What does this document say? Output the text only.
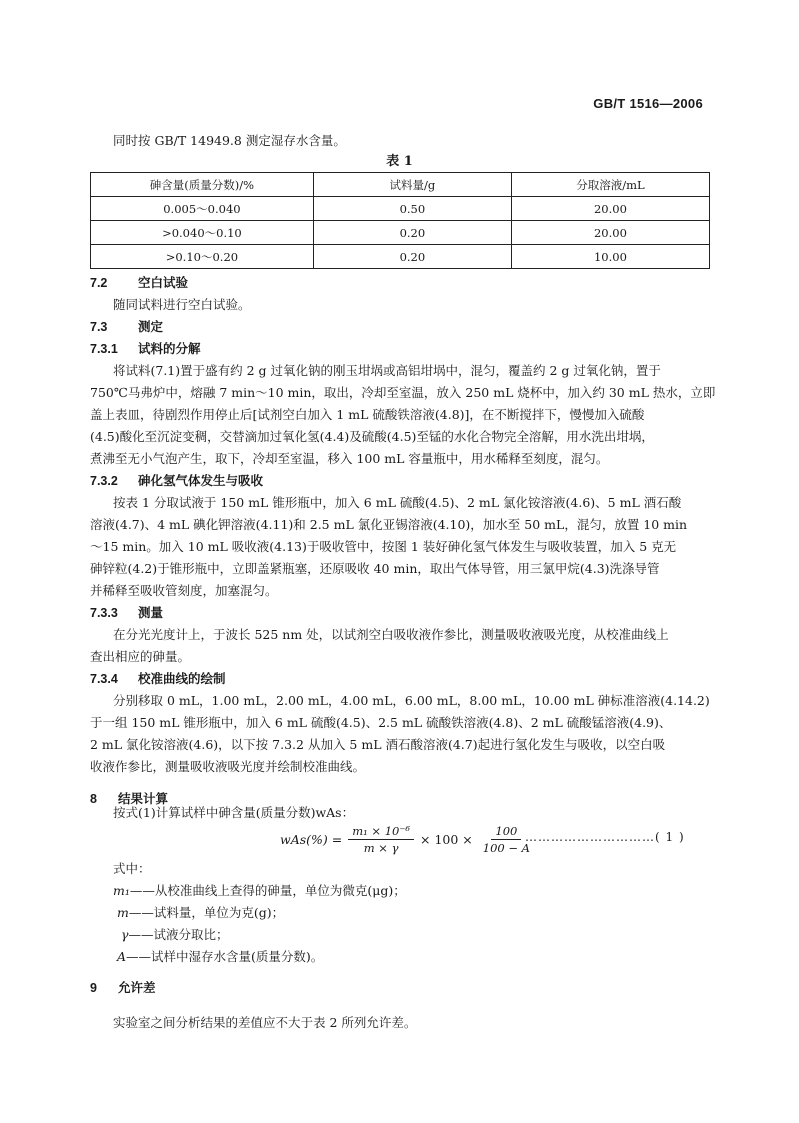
GB/T 1516—2006
同时按 GB/T 14949.8 测定湿存水含量。
表 1
砷含量(质量分数)/%	试料量/g	分取溶液/mL
0.005～0.040	0.50	20.00
>0.040～0.10	0.20	20.00
>0.10～0.20	0.20	10.00
7.2 空白试验
随同试料进行空白试验。
7.3 测定
7.3.1 试料的分解
将试料(7.1)置于盛有约 2 g 过氧化钠的刚玉坩埚或高铝坩埚中，混匀，覆盖约 2 g 过氧化钠，置于
750℃马弗炉中，熔融 7 min～10 min，取出，冷却至室温，放入 250 mL 烧杯中，加入约 30 mL 热水，立即
盖上表皿，待剧烈作用停止后[试剂空白加入 1 mL 硫酸铁溶液(4.8)]，在不断搅拌下，慢慢加入硫酸
(4.5)酸化至沉淀变稠，交替滴加过氧化氢(4.4)及硫酸(4.5)至锰的水化合物完全溶解，用水洗出坩埚，
煮沸至无小气泡产生，取下，冷却至室温，移入 100 mL 容量瓶中，用水稀释至刻度，混匀。
7.3.2 砷化氢气体发生与吸收
按表 1 分取试液于 150 mL 锥形瓶中，加入 6 mL 硫酸(4.5)、2 mL 氯化铵溶液(4.6)、5 mL 酒石酸
溶液(4.7)、4 mL 碘化钾溶液(4.11)和 2.5 mL 氯化亚锡溶液(4.10)，加水至 50 mL，混匀，放置 10 min
～15 min。加入 10 mL 吸收液(4.13)于吸收管中，按图 1 装好砷化氢气体发生与吸收装置，加入 5 克无
砷锌粒(4.2)于锥形瓶中，立即盖紧瓶塞，还原吸收 40 min，取出气体导管，用三氯甲烷(4.3)洗涤导管
并稀释至吸收管刻度，加塞混匀。
7.3.3 测量
在分光光度计上，于波长 525 nm 处，以试剂空白吸收液作参比，测量吸收液吸光度，从校准曲线上
查出相应的砷量。
7.3.4 校准曲线的绘制
分别移取 0 mL，1.00 mL，2.00 mL，4.00 mL，6.00 mL，8.00 mL，10.00 mL 砷标准溶液(4.14.2)
于一组 150 mL 锥形瓶中，加入 6 mL 硫酸(4.5)、2.5 mL 硫酸铁溶液(4.8)、2 mL 硫酸锰溶液(4.9)、
2 mL 氯化铵溶液(4.6)，以下按 7.3.2 从加入 5 mL 酒石酸溶液(4.7)起进行氢化发生与吸收，以空白吸
收液作参比，测量吸收液吸光度并绘制校准曲线。
8 结果计算
按式(1)计算试样中砷含量(质量分数)wAs：
$wAs(\%) = \frac{\text{m₁ × 10⁻⁶}}{m \times \gamma} \times 100 \times \frac{100}{100 - A}$
…………………………( 1 )
式中：
m₁——从校准曲线上查得的砷量，单位为微克(μg)；
m——试料量，单位为克(g)；
γ——试液分取比；
A——试样中湿存水含量(质量分数)。
9 允许差
实验室之间分析结果的差值应不大于表 2 所列允许差。
